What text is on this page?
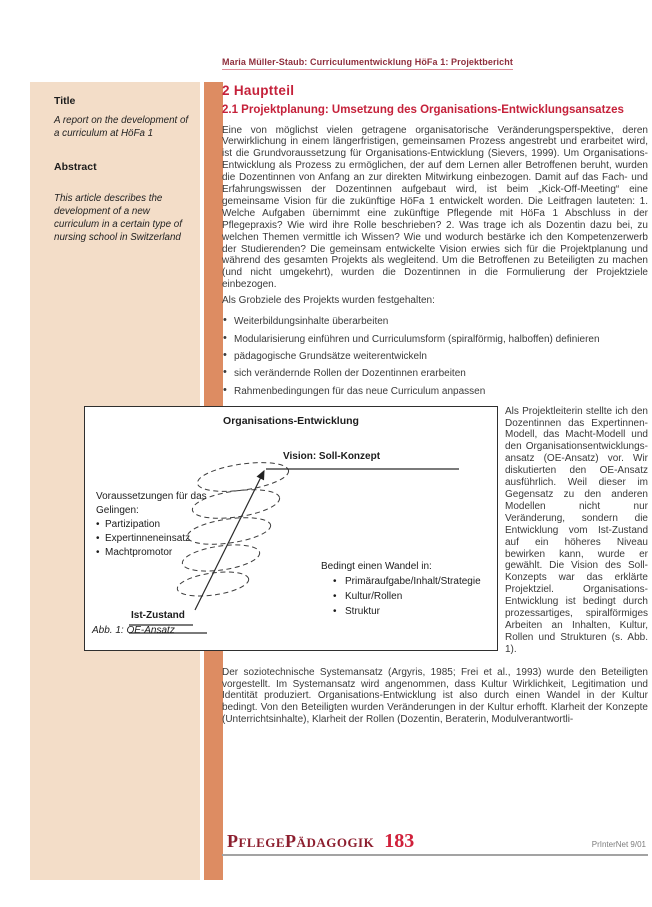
Title
A report on the development of a curriculum at HöFa 1
Abstract
This article describes the development of a new curriculum in a certain type of nursing school in Switzerland
Maria Müller-Staub: Curriculumentwicklung HöFa 1: Projektbericht
2 Hauptteil
2.1 Projektplanung: Umsetzung des Organisations-Entwicklungsansatzes

Eine von möglichst vielen getragene organisatorische Veränderungsperspektive, deren Verwirklichung in einem längerfristigen, gemeinsamen Prozess angestrebt und erarbeitet wird, ist die Grundvoraussetzung für Organisations-Entwicklung (Sievers, 1999). Um Organisations-Entwicklung als Prozess zu ermöglichen, der auf dem Lernen aller Betroffenen beruht, wurden die Dozentinnen von Anfang an zur direkten Mitwirkung einbezogen. Damit auf das Fach- und Erfahrungswissen der Dozentinnen aufgebaut wird, ist beim „Kick-Off-Meeting“ eine gemeinsame Vision für die zukünftige HöFa 1 entwickelt worden. Die Leitfragen lauteten: 1. Welche Aufgaben übernimmt eine zukünftige Pflegende mit HöFa 1 Abschluss in der Pflegepraxis? Wie wird ihre Rolle beschrieben? 2. Was trage ich als Dozentin dazu bei, zu welchen Themen vermittle ich Wissen? Wie und wodurch bestärke ich den Kompetenzerwerb der Studierenden? Die gemeinsam entwickelte Vision erwies sich für die Projektplanung und während des gesamten Projekts als wegleitend. Um die Betroffenen zu Beteiligten zu machen (und nicht umgekehrt), wurden die Dozentinnen in die Formulierung der Projektziele einbezogen.

Als Grobziele des Projekts wurden festgehalten:

• Weiterbildungsinhalte überarbeiten
• Modularisierung einführen und Curriculumsform (spiralförmig, halboffen) definieren
• pädagogische Grundsätze weiterentwickeln
• sich verändernde Rollen der Dozentinnen erarbeiten
• Rahmenbedingungen für das neue Curriculum anpassen
Organisations-Entwicklung
Vision: Soll-Konzept
Voraussetzungen für das Gelingen:
• Partizipation
• Expertinneneinsatz
• Machtpromotor
Ist-Zustand
Bedingt einen Wandel in:
• Primäraufgabe/Inhalt/Strategie
• Kultur/Rollen
• Struktur
Abb. 1: OE-Ansatz

Als Projektleiterin stellte ich den Dozentinnen das Expertinnen-Modell, das Macht-Modell und den Organisationsentwicklungsansatz (OE-Ansatz) vor. Wir diskutierten den OE-Ansatz ausführlich. Weil dieser im Gegensatz zu den anderen Modellen nicht nur Veränderung, sondern die Entwicklung vom Ist-Zustand auf ein höheres Niveau bewirken kann, wurde er gewählt. Die Vision des Soll-Konzepts war das erklärte Projektziel. Organisations-Entwicklung ist bedingt durch prozessartiges, spiralförmiges Arbeiten an Inhalten, Kultur, Rollen und Strukturen (s. Abb. 1).

Der soziotechnische Systemansatz (Argyris, 1985; Frei et al., 1993) wurde den Beteiligten vorgestellt. Im Systemansatz wird angenommen, dass Kultur Wirklichkeit, Legitimation und Identität produziert. Organisations-Entwicklung ist also durch einen Wandel in der Kultur bedingt. Von den Beteiligten wurden Veränderungen in der Kultur erhofft. Klarheit der Konzepte (Unterrichtsinhalte), Klarheit der Rollen (Dozentin, Beraterin, Modulverantwortli-

PflegePädagogik 183	PrInterNet 9/01
